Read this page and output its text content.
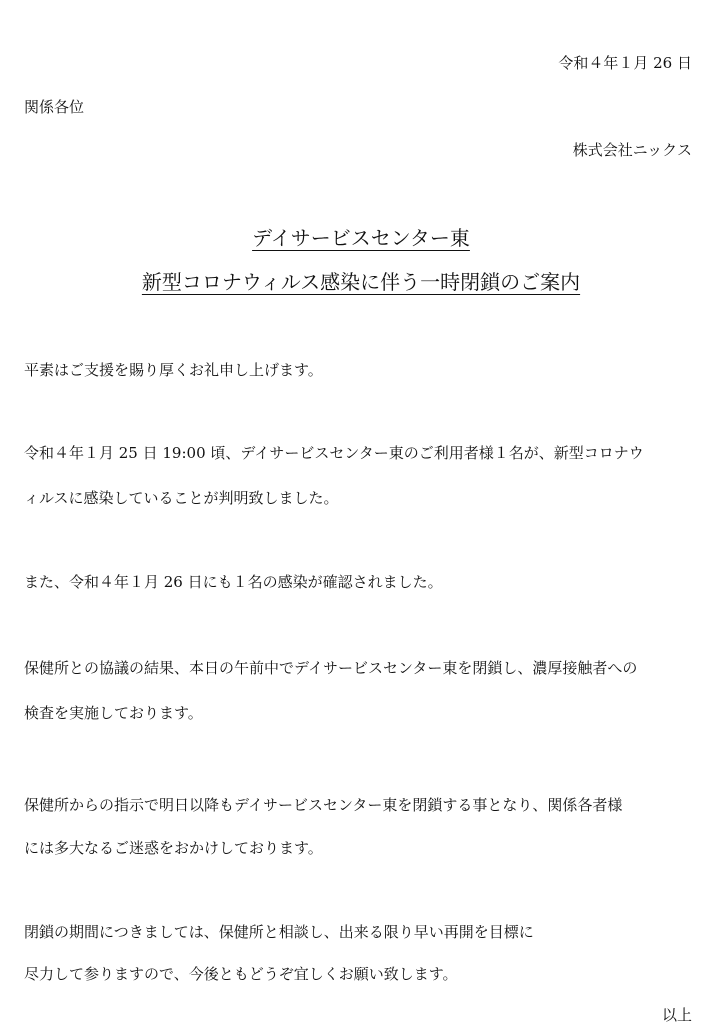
令和４年１月 26 日
関係各位
株式会社ニックス
デイサービスセンター東
新型コロナウィルス感染に伴う一時閉鎖のご案内
平素はご支援を賜り厚くお礼申し上げます。
令和４年１月 25 日 19:00 頃、デイサービスセンター東のご利用者様１名が、新型コロナウ
ィルスに感染していることが判明致しました。
また、令和４年１月 26 日にも１名の感染が確認されました。
保健所との協議の結果、本日の午前中でデイサービスセンター東を閉鎖し、濃厚接触者への
検査を実施しております。
保健所からの指示で明日以降もデイサービスセンター東を閉鎖する事となり、関係各者様
には多大なるご迷惑をおかけしております。
閉鎖の期間につきましては、保健所と相談し、出来る限り早い再開を目標に
尽力して参りますので、今後ともどうぞ宜しくお願い致します。
以上
